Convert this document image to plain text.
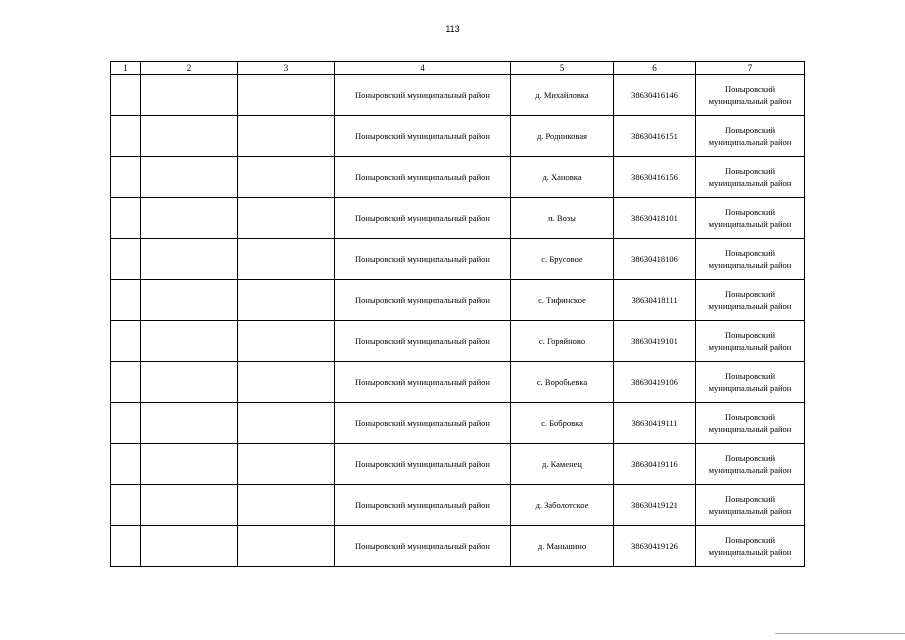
113
1	2	3	4	5	6	7
			Поныровский муниципальный район	д. Михайловка	38630416146	Поныровский муниципальный район
			Поныровский муниципальный район	д. Родниковая	38630416151	Поныровский муниципальный район
			Поныровский муниципальный район	д. Хановка	38630416156	Поныровский муниципальный район
			Поныровский муниципальный район	п. Возы	38630418101	Поныровский муниципальный район
			Поныровский муниципальный район	с. Брусовое	38630418106	Поныровский муниципальный район
			Поныровский муниципальный район	с. Тифинское	38630418111	Поныровский муниципальный район
			Поныровский муниципальный район	с. Горяйново	38630419101	Поныровский муниципальный район
			Поныровский муниципальный район	с. Воробьевка	38630419106	Поныровский муниципальный район
			Поныровский муниципальный район	с. Бобровка	38630419111	Поныровский муниципальный район
			Поныровский муниципальный район	д. Каменец	38630419116	Поныровский муниципальный район
			Поныровский муниципальный район	д. Заболотское	38630419121	Поныровский муниципальный район
			Поныровский муниципальный район	д. Маньшино	38630419126	Поныровский муниципальный район
